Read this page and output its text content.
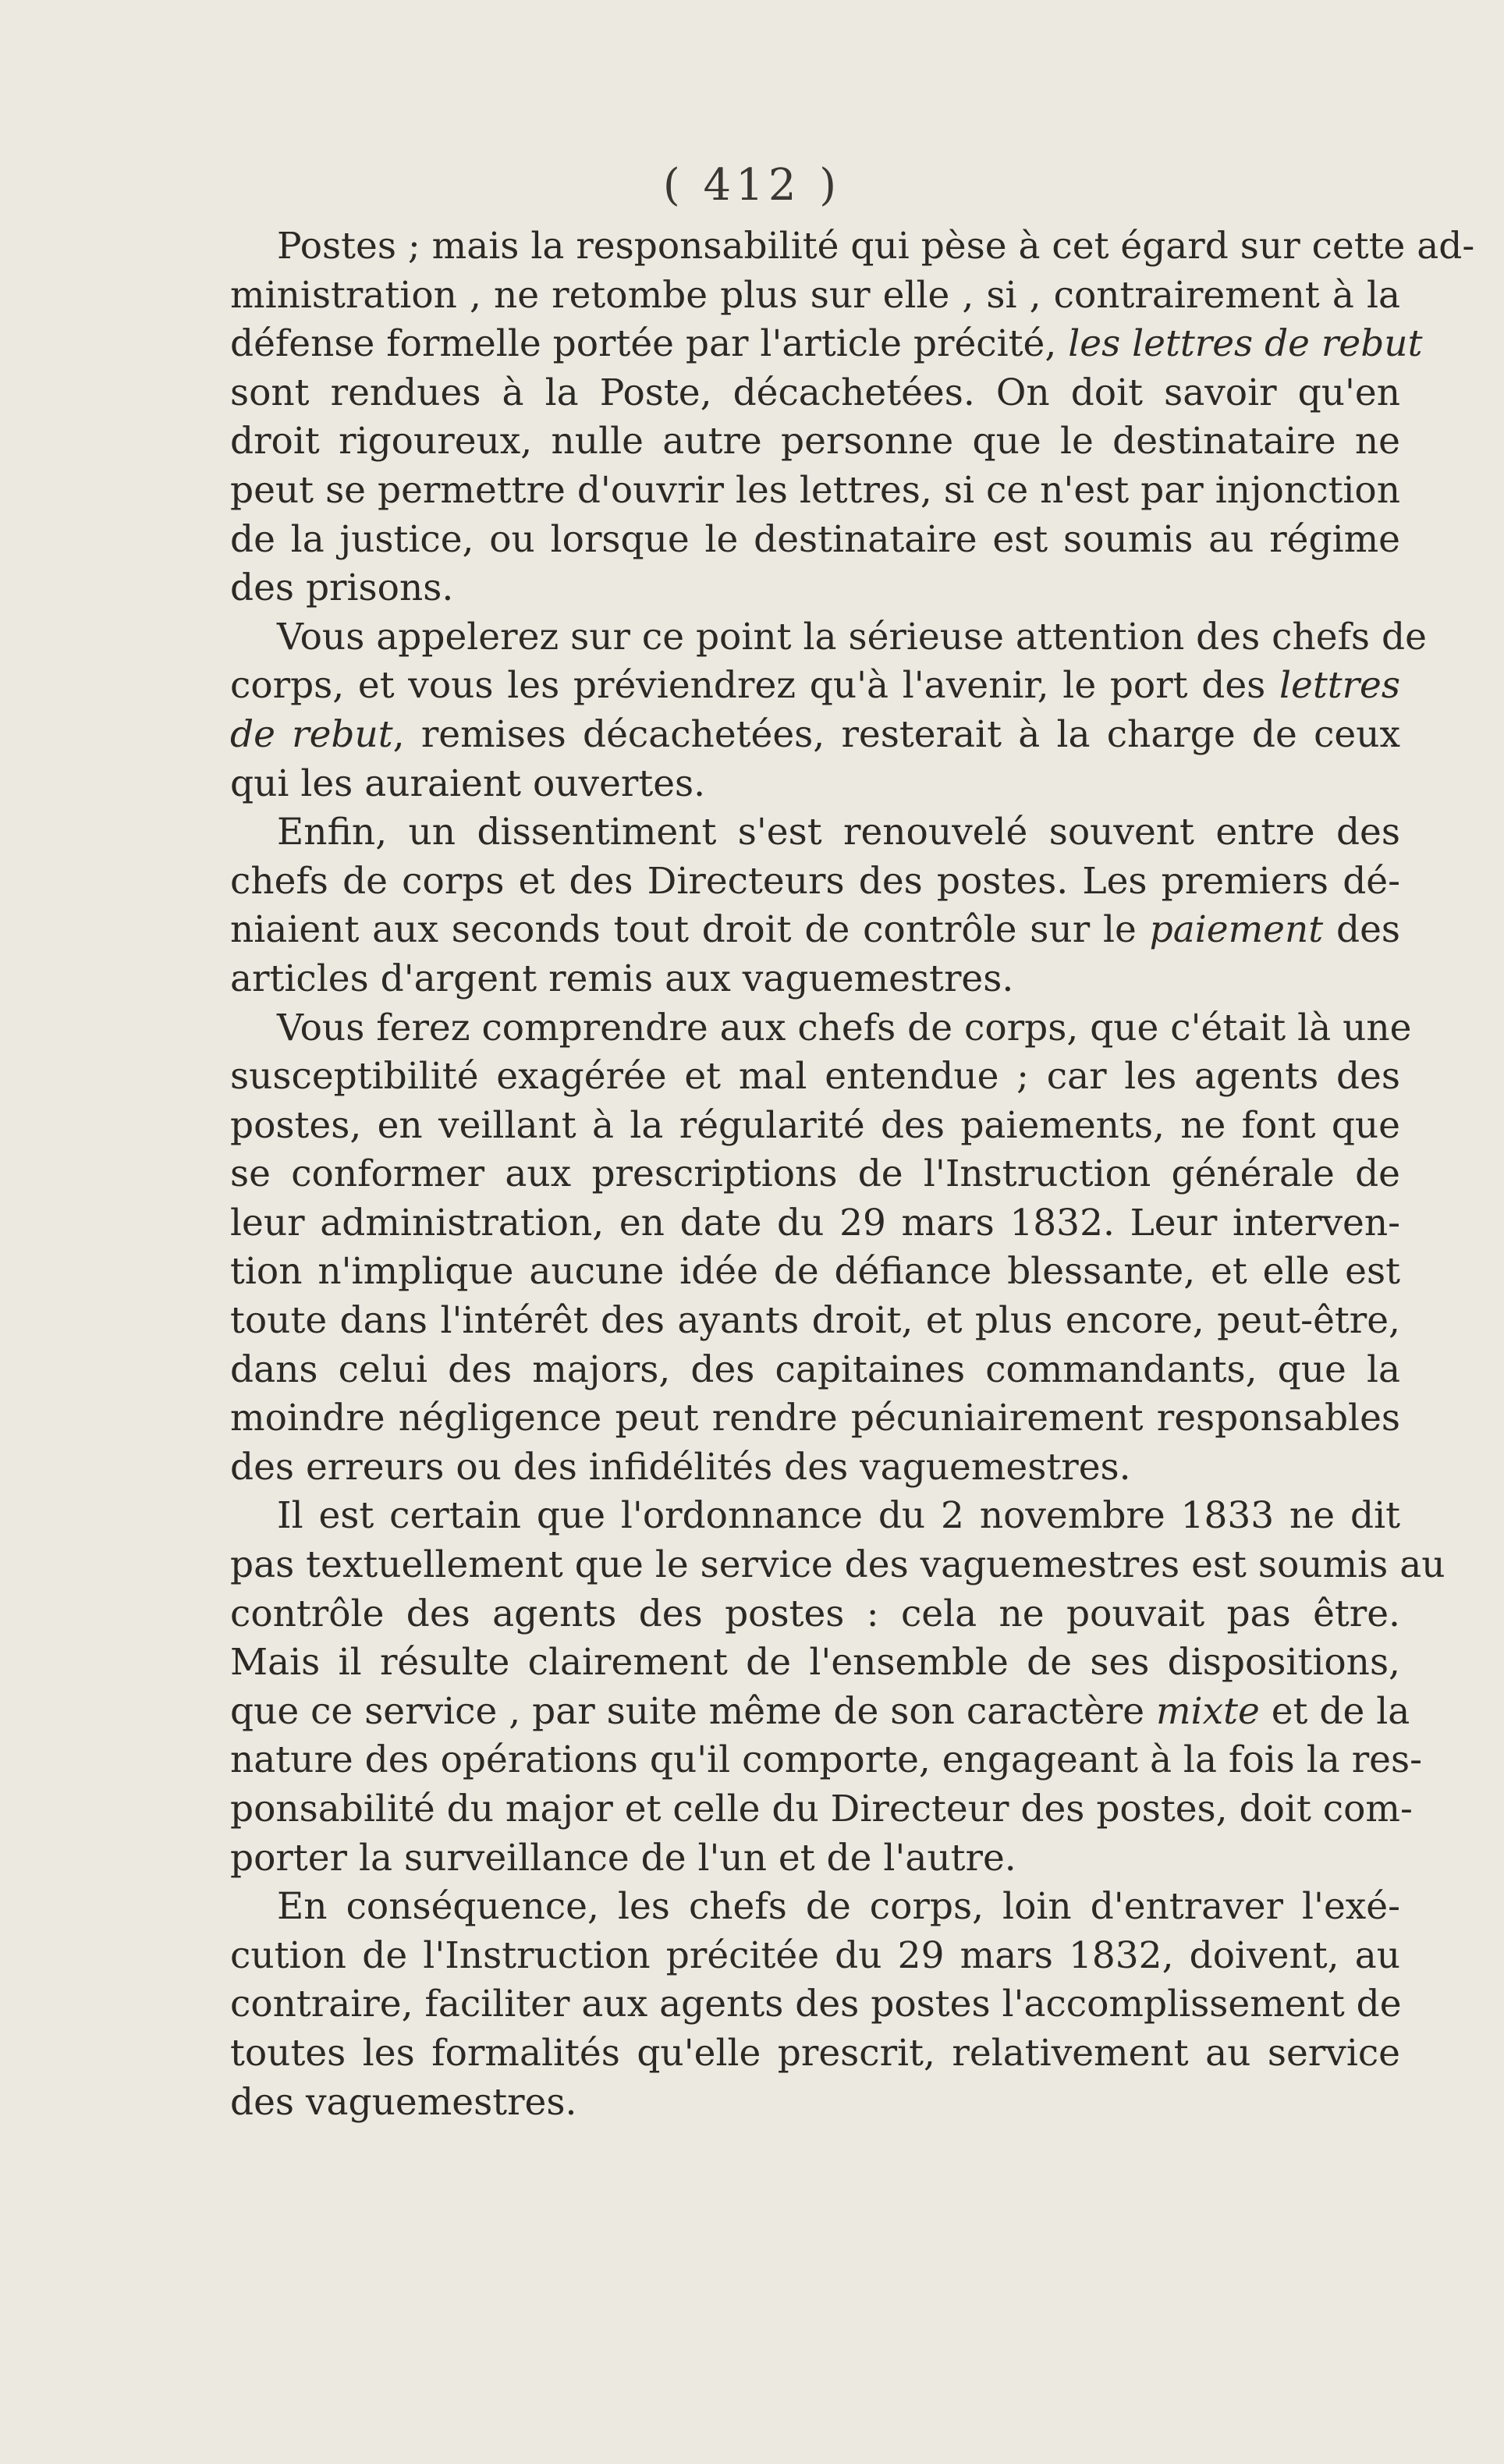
( 412 )

Postes ; mais la responsabilité qui pèse à cet égard sur cette ad-
ministration , ne retombe plus sur elle , si , contrairement à la
défense formelle portée par l'article précité, les lettres de rebut
sont rendues à la Poste, décachetées. On doit savoir qu'en
droit rigoureux, nulle autre personne que le destinataire ne
peut se permettre d'ouvrir les lettres, si ce n'est par injonction
de la justice, ou lorsque le destinataire est soumis au régime
des prisons.

Vous appelerez sur ce point la sérieuse attention des chefs de
corps, et vous les préviendrez qu'à l'avenir, le port des lettres
de rebut, remises décachetées, resterait à la charge de ceux
qui les auraient ouvertes.

Enfin, un dissentiment s'est renouvelé souvent entre des
chefs de corps et des Directeurs des postes. Les premiers dé-
niaient aux seconds tout droit de contrôle sur le paiement des
articles d'argent remis aux vaguemestres.

Vous ferez comprendre aux chefs de corps, que c'était là une
susceptibilité exagérée et mal entendue ; car les agents des
postes, en veillant à la régularité des paiements, ne font que
se conformer aux prescriptions de l'Instruction générale de
leur administration, en date du 29 mars 1832. Leur interven-
tion n'implique aucune idée de défiance blessante, et elle est
toute dans l'intérêt des ayants droit, et plus encore, peut-être,
dans celui des majors, des capitaines commandants, que la
moindre négligence peut rendre pécuniairement responsables
des erreurs ou des infidélités des vaguemestres.

Il est certain que l'ordonnance du 2 novembre 1833 ne dit
pas textuellement que le service des vaguemestres est soumis au
contrôle des agents des postes : cela ne pouvait pas être.
Mais il résulte clairement de l'ensemble de ses dispositions,
que ce service , par suite même de son caractère mixte et de la
nature des opérations qu'il comporte, engageant à la fois la res-
ponsabilité du major et celle du Directeur des postes, doit com-
porter la surveillance de l'un et de l'autre.

En conséquence, les chefs de corps, loin d'entraver l'exé-
cution de l'Instruction précitée du 29 mars 1832, doivent, au
contraire, faciliter aux agents des postes l'accomplissement de
toutes les formalités qu'elle prescrit, relativement au service
des vaguemestres.
